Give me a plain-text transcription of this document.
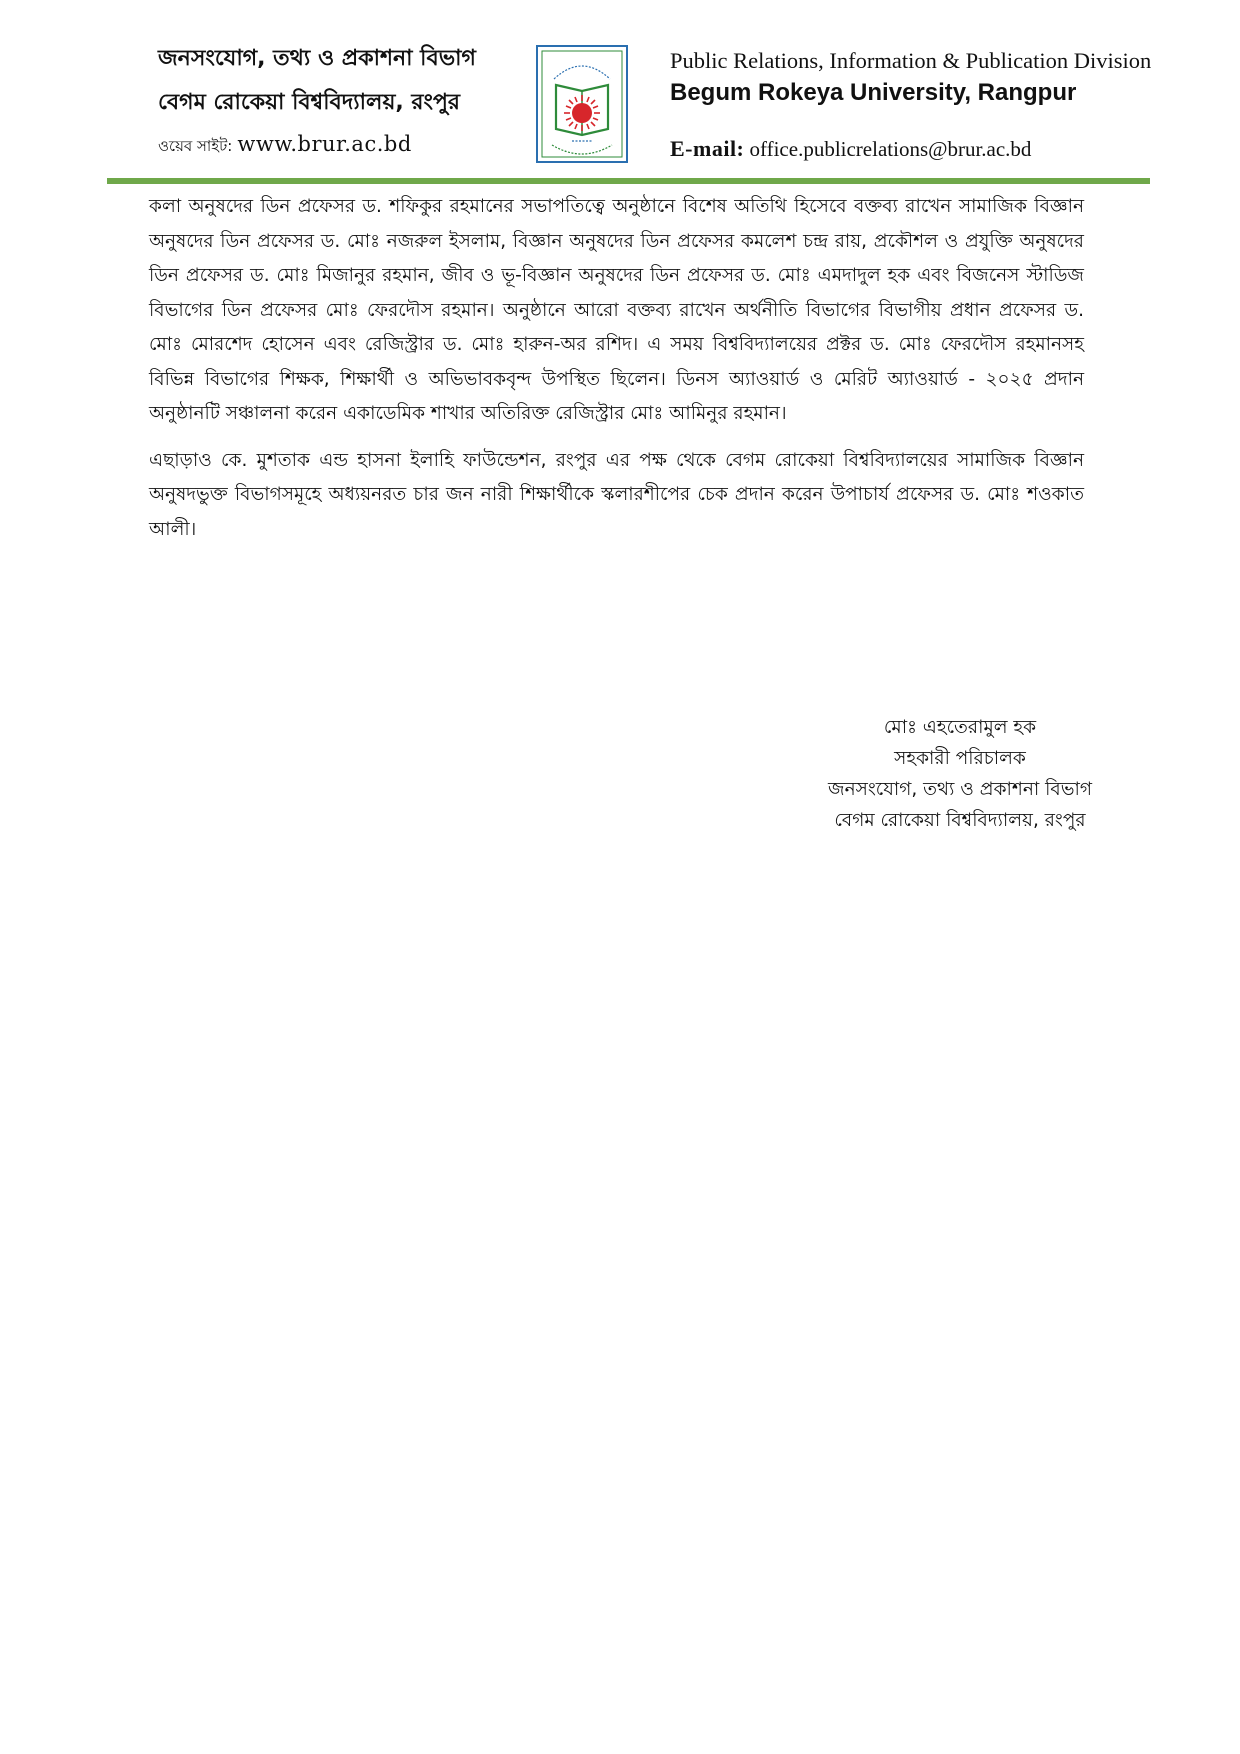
জনসংযোগ, তথ্য ও প্রকাশনা বিভাগ
বেগম রোকেয়া বিশ্ববিদ্যালয়, রংপুর
ওয়েব সাইট: www.brur.ac.bd
Public Relations, Information & Publication Division
Begum Rokeya University, Rangpur
E-mail: office.publicrelations@brur.ac.bd

কলা অনুষদের ডিন প্রফেসর ড. শফিকুর রহমানের সভাপতিত্বে অনুষ্ঠানে বিশেষ অতিথি হিসেবে বক্তব্য রাখেন সামাজিক বিজ্ঞান অনুষদের ডিন প্রফেসর ড. মোঃ নজরুল ইসলাম, বিজ্ঞান অনুষদের ডিন প্রফেসর কমলেশ চন্দ্র রায়, প্রকৌশল ও প্রযুক্তি অনুষদের ডিন প্রফেসর ড. মোঃ মিজানুর রহমান, জীব ও ভূ-বিজ্ঞান অনুষদের ডিন প্রফেসর ড. মোঃ এমদাদুল হক এবং বিজনেস স্টাডিজ বিভাগের ডিন প্রফেসর মোঃ ফেরদৌস রহমান। অনুষ্ঠানে আরো বক্তব্য রাখেন অর্থনীতি বিভাগের বিভাগীয় প্রধান প্রফেসর ড. মোঃ মোরশেদ হোসেন এবং রেজিস্ট্রার ড. মোঃ হারুন-অর রশিদ। এ সময় বিশ্ববিদ্যালয়ের প্রক্টর ড. মোঃ ফেরদৌস রহমানসহ বিভিন্ন বিভাগের শিক্ষক, শিক্ষার্থী ও অভিভাবকবৃন্দ উপস্থিত ছিলেন। ডিনস অ্যাওয়ার্ড ও মেরিট অ্যাওয়ার্ড - ২০২৫ প্রদান অনুষ্ঠানটি সঞ্চালনা করেন একাডেমিক শাখার অতিরিক্ত রেজিস্ট্রার মোঃ আমিনুর রহমান।

এছাড়াও কে. মুশতাক এন্ড হাসনা ইলাহি ফাউন্ডেশন, রংপুর এর পক্ষ থেকে বেগম রোকেয়া বিশ্ববিদ্যালয়ের সামাজিক বিজ্ঞান অনুষদভুক্ত বিভাগসমূহে অধ্যয়নরত চার জন নারী শিক্ষার্থীকে স্কলারশীপের চেক প্রদান করেন উপাচার্য প্রফেসর ড. মোঃ শওকাত আলী।

মোঃ এহতেরামুল হক
সহকারী পরিচালক
জনসংযোগ, তথ্য ও প্রকাশনা বিভাগ
বেগম রোকেয়া বিশ্ববিদ্যালয়, রংপুর
